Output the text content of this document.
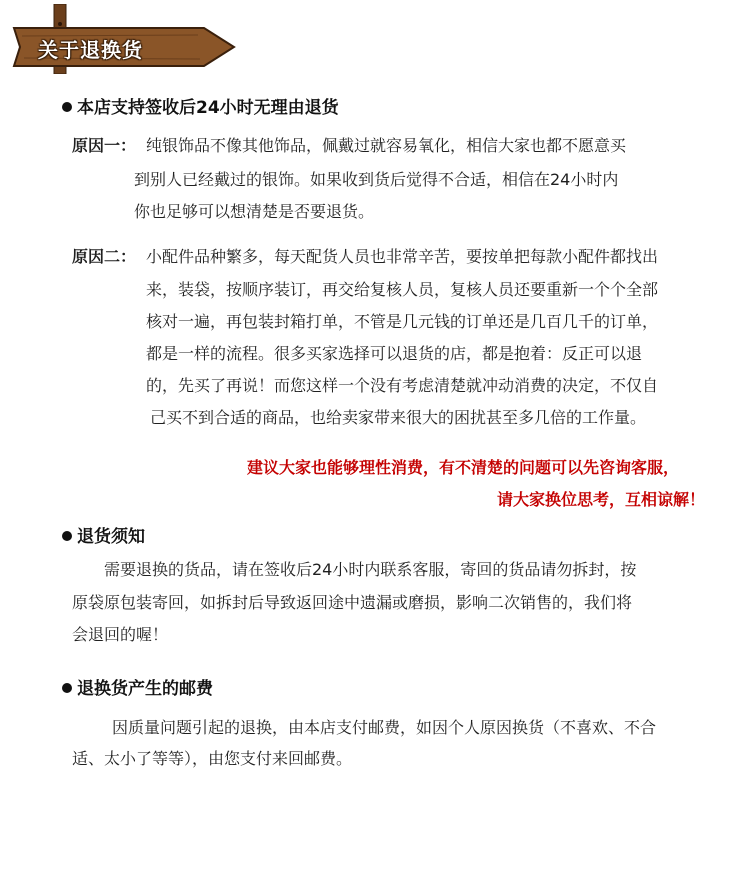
关于退换货
本店支持签收后24小时无理由退货
原因一： 纯银饰品不像其他饰品，佩戴过就容易氧化，相信大家也都不愿意买
到别人已经戴过的银饰。如果收到货后觉得不合适，相信在24小时内
你也足够可以想清楚是否要退货。
原因二： 小配件品种繁多，每天配货人员也非常辛苦，要按单把每款小配件都找出
来，装袋，按顺序装订，再交给复核人员，复核人员还要重新一个个全部
核对一遍，再包装封箱打单，不管是几元钱的订单还是几百几千的订单，
都是一样的流程。很多买家选择可以退货的店，都是抱着：反正可以退
的，先买了再说！而您这样一个没有考虑清楚就冲动消费的决定，不仅自
己买不到合适的商品，也给卖家带来很大的困扰甚至多几倍的工作量。
建议大家也能够理性消费，有不清楚的问题可以先咨询客服，
请大家换位思考，互相谅解！
退货须知
需要退换的货品，请在签收后24小时内联系客服，寄回的货品请勿拆封，按
原袋原包装寄回，如拆封后导致返回途中遗漏或磨损，影响二次销售的，我们将
会退回的喔！
退换货产生的邮费
因质量问题引起的退换，由本店支付邮费，如因个人原因换货（不喜欢、不合
适、太小了等等），由您支付来回邮费。
